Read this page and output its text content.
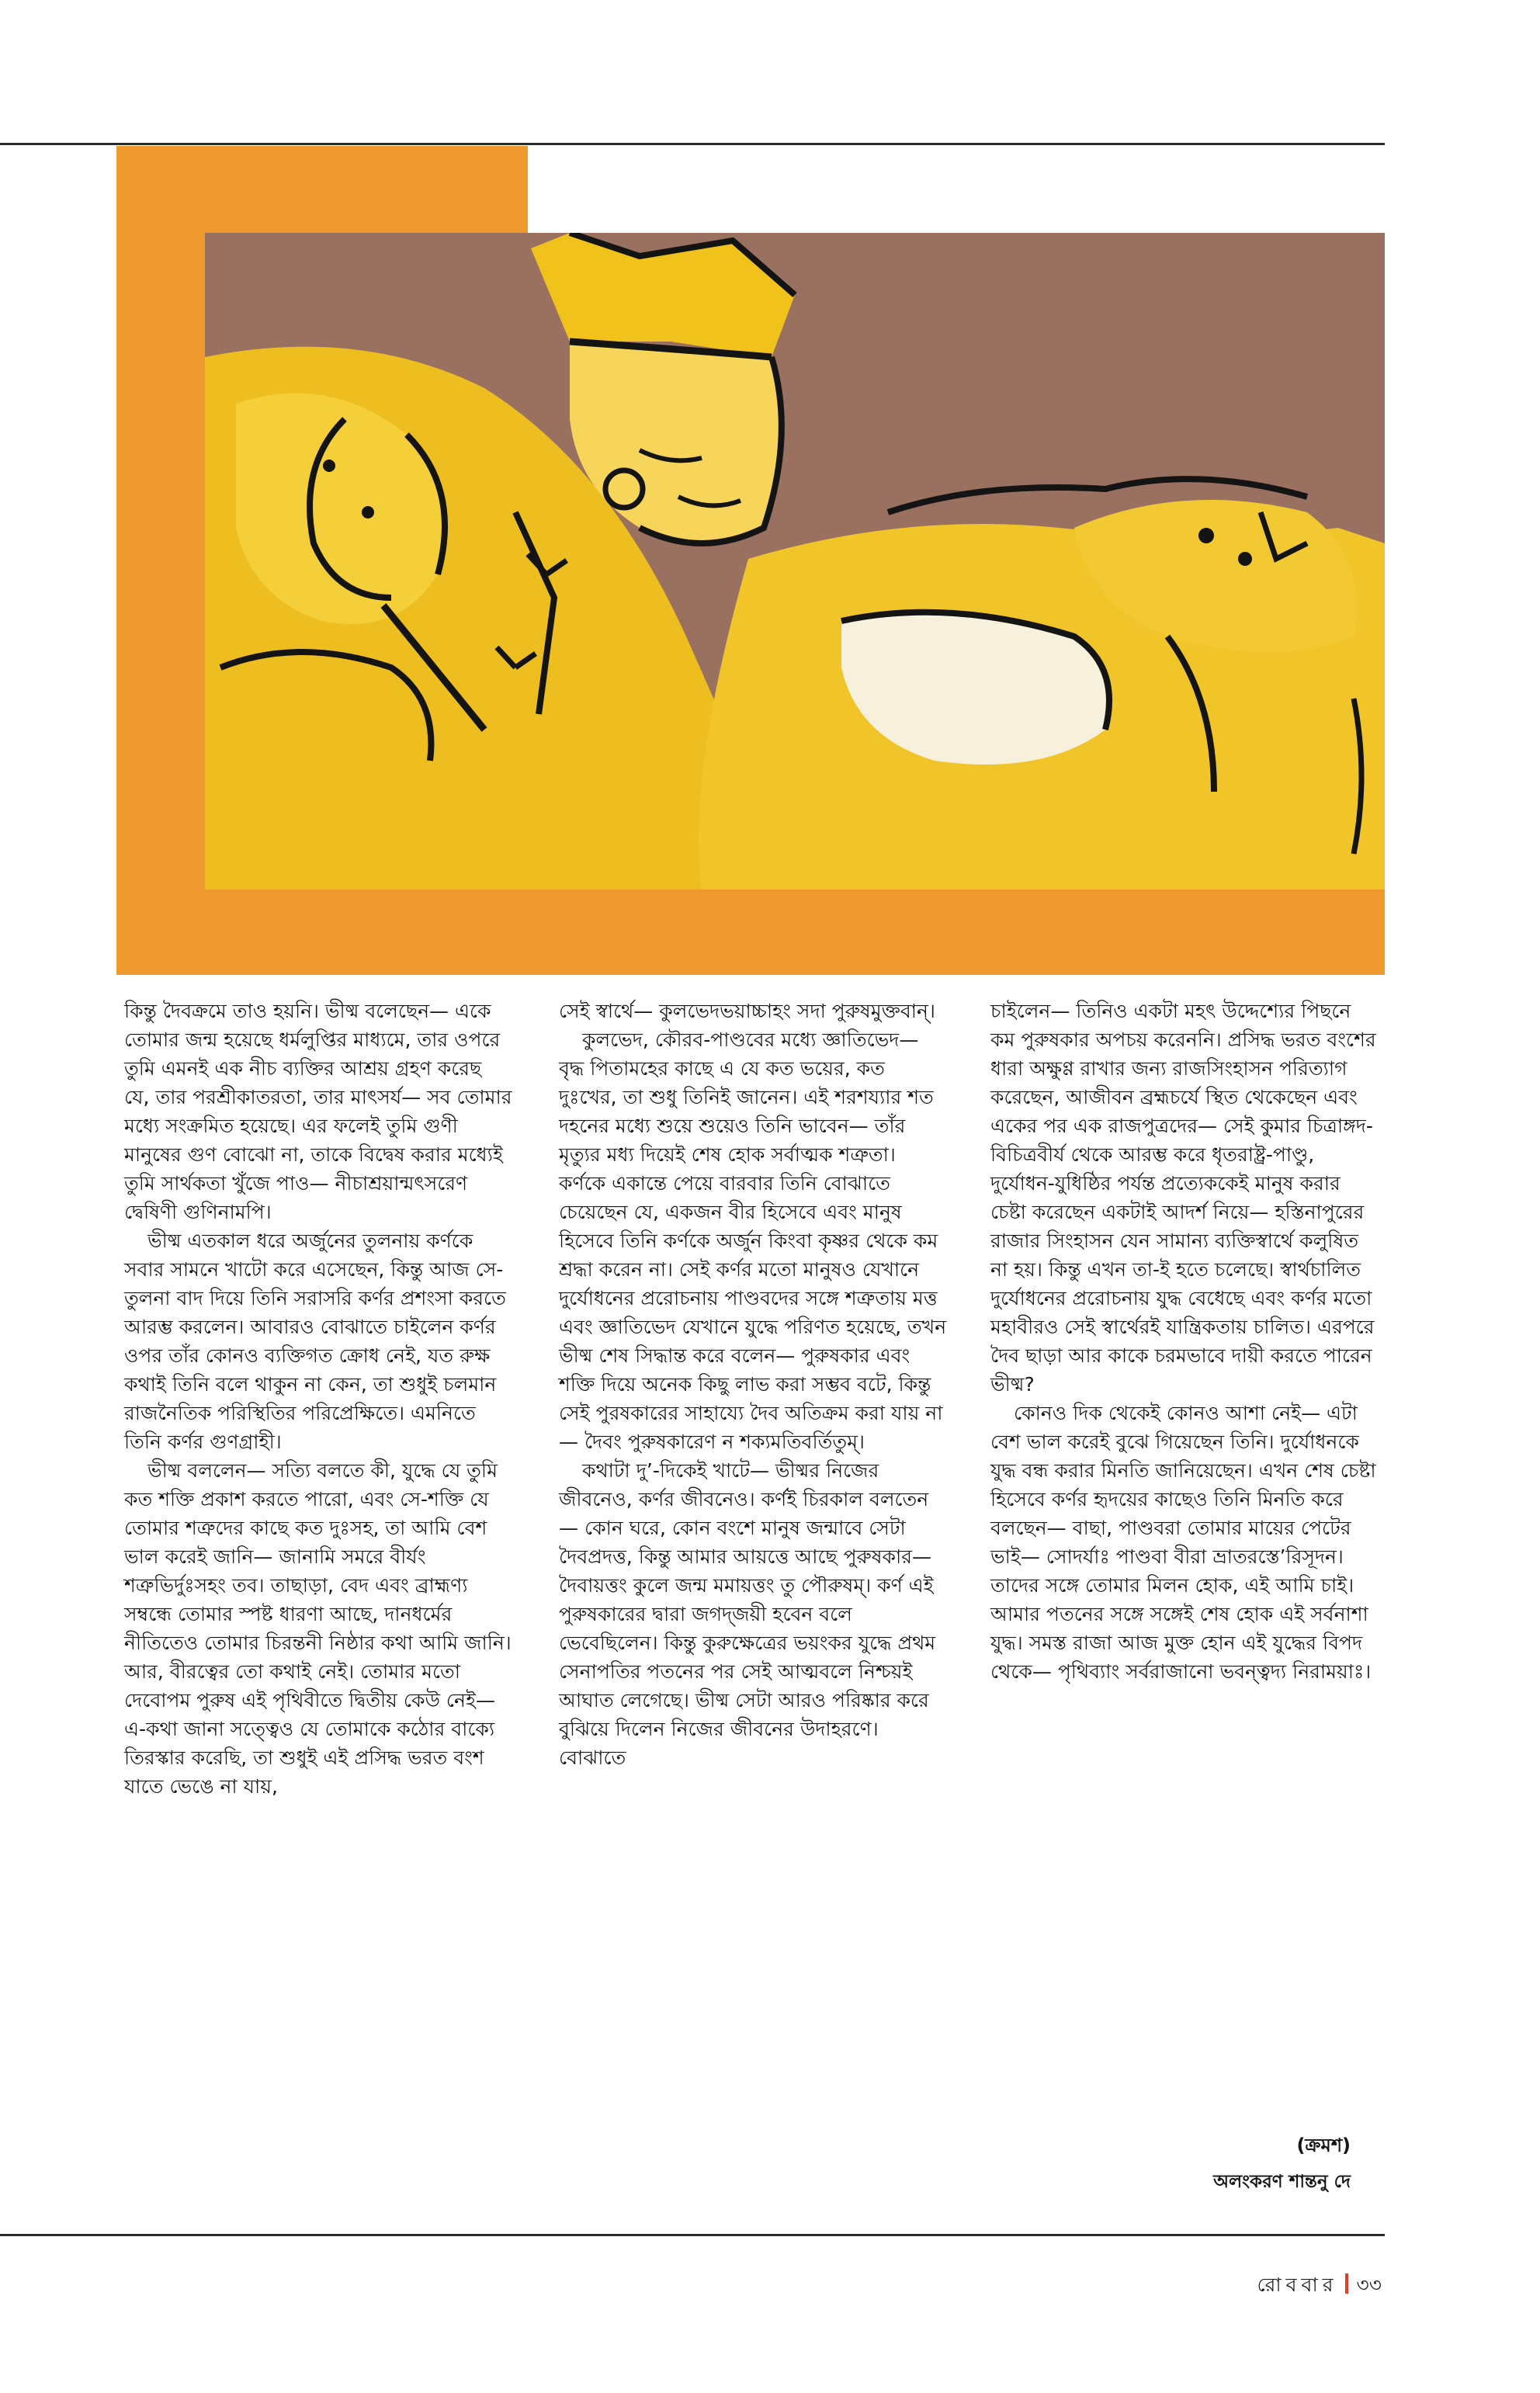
কিন্তু দৈবক্রমে তাও হয়নি। ভীষ্ম বলেছেন— একে তোমার জন্ম হয়েছে ধর্মলুপ্তির মাধ্যমে, তার ওপরে তুমি এমনই এক নীচ ব্যক্তির আশ্রয় গ্রহণ করেছ যে, তার পরশ্রীকাতরতা, তার মাৎসর্য— সব তোমার মধ্যে সংক্রমিত হয়েছে। এর ফলেই তুমি গুণী মানুষের গুণ বোঝো না, তাকে বিদ্বেষ করার মধ্যেই তুমি সার্থকতা খুঁজে পাও— নীচাশ্রয়ান্মৎসরেণ দ্বেষিণী গুণিনামপি।

ভীষ্ম এতকাল ধরে অর্জুনের তুলনায় কর্ণকে সবার সামনে খাটো করে এসেছেন, কিন্তু আজ সে-তুলনা বাদ দিয়ে তিনি সরাসরি কর্ণর প্রশংসা করতে আরম্ভ করলেন। আবারও বোঝাতে চাইলেন কর্ণর ওপর তাঁর কোনও ব্যক্তিগত ক্রোধ নেই, যত রুক্ষ কথাই তিনি বলে থাকুন না কেন, তা শুধুই চলমান রাজনৈতিক পরিস্থিতির পরিপ্রেক্ষিতে। এমনিতে তিনি কর্ণর গুণগ্রাহী।

ভীষ্ম বললেন— সত্যি বলতে কী, যুদ্ধে যে তুমি কত শক্তি প্রকাশ করতে পারো, এবং সে-শক্তি যে তোমার শত্রুদের কাছে কত দুঃসহ, তা আমি বেশ ভাল করেই জানি— জানামি সমরে বীর্যং শত্রুভির্দুঃসহং তব। তাছাড়া, বেদ এবং ব্রাহ্মণ্য সম্বন্ধে তোমার স্পষ্ট ধারণা আছে, দানধর্মের নীতিতেও তোমার চিরন্তনী নিষ্ঠার কথা আমি জানি। আর, বীরত্বের তো কথাই নেই। তোমার মতো দেবোপম পুরুষ এই পৃথিবীতে দ্বিতীয় কেউ নেই— এ-কথা জানা সত্ত্বেও যে তোমাকে কঠোর বাক্যে তিরস্কার করেছি, তা শুধুই এই প্রসিদ্ধ ভরত বংশ যাতে ভেঙে না যায়,

সেই স্বার্থে— কুলভেদভয়াচ্চাহং সদা পুরুষমুক্তবান্।

কুলভেদ, কৌরব-পাণ্ডবের মধ্যে জ্ঞাতিভেদ— বৃদ্ধ পিতামহের কাছে এ যে কত ভয়ের, কত দুঃখের, তা শুধু তিনিই জানেন। এই শরশয্যার শত দহনের মধ্যে শুয়ে শুয়েও তিনি ভাবেন— তাঁর মৃত্যুর মধ্য দিয়েই শেষ হোক সর্বাত্মক শত্রুতা। কর্ণকে একান্তে পেয়ে বারবার তিনি বোঝাতে চেয়েছেন যে, একজন বীর হিসেবে এবং মানুষ হিসেবে তিনি কর্ণকে অর্জুন কিংবা কৃষ্ণর থেকে কম শ্রদ্ধা করেন না। সেই কর্ণর মতো মানুষও যেখানে দুর্যোধনের প্ররোচনায় পাণ্ডবদের সঙ্গে শত্রুতায় মত্ত এবং জ্ঞাতিভেদ যেখানে যুদ্ধে পরিণত হয়েছে, তখন ভীষ্ম শেষ সিদ্ধান্ত করে বলেন— পুরুষকার এবং শক্তি দিয়ে অনেক কিছু লাভ করা সম্ভব বটে, কিন্তু সেই পুরষকারের সাহায্যে দৈব অতিক্রম করা যায় না— দৈবং পুরুষকারেণ ন শক্যমতিবর্তিতুম্।

কথাটা দু’-দিকেই খাটে— ভীষ্মর নিজের জীবনেও, কর্ণর জীবনেও। কর্ণই চিরকাল বলতেন— কোন ঘরে, কোন বংশে মানুষ জন্মাবে সেটা দৈবপ্রদত্ত, কিন্তু আমার আয়ত্তে আছে পুরুষকার— দৈবায়ত্তং কুলে জন্ম মমায়ত্তং তু পৌরুষম্। কর্ণ এই পুরুষকারের দ্বারা জগদ্জয়ী হবেন বলে ভেবেছিলেন। কিন্তু কুরুক্ষেত্রের ভয়ংকর যুদ্ধে প্রথম সেনাপতির পতনের পর সেই আত্মবলে নিশ্চয়ই আঘাত লেগেছে। ভীষ্ম সেটা আরও পরিষ্কার করে বুঝিয়ে দিলেন নিজের জীবনের উদাহরণে। বোঝাতে

চাইলেন— তিনিও একটা মহৎ উদ্দেশ্যের পিছনে কম পুরুষকার অপচয় করেননি। প্রসিদ্ধ ভরত বংশের ধারা অক্ষুণ্ণ রাখার জন্য রাজসিংহাসন পরিত্যাগ করেছেন, আজীবন ব্রহ্মচর্যে স্থিত থেকেছেন এবং একের পর এক রাজপুত্রদের— সেই কুমার চিত্রাঙ্গদ-বিচিত্রবীর্য থেকে আরম্ভ করে ধৃতরাষ্ট্র-পাণ্ডু, দুর্যোধন-যুধিষ্ঠির পর্যন্ত প্রত্যেককেই মানুষ করার চেষ্টা করেছেন একটাই আদর্শ নিয়ে— হস্তিনাপুরের রাজার সিংহাসন যেন সামান্য ব্যক্তিস্বার্থে কলুষিত না হয়। কিন্তু এখন তা-ই হতে চলেছে। স্বার্থচালিত দুর্যোধনের প্ররোচনায় যুদ্ধ বেধেছে এবং কর্ণর মতো মহাবীরও সেই স্বার্থেরই যান্ত্রিকতায় চালিত। এরপরে দৈব ছাড়া আর কাকে চরমভাবে দায়ী করতে পারেন ভীষ্ম?

কোনও দিক থেকেই কোনও আশা নেই— এটা বেশ ভাল করেই বুঝে গিয়েছেন তিনি। দুর্যোধনকে যুদ্ধ বন্ধ করার মিনতি জানিয়েছেন। এখন শেষ চেষ্টা হিসেবে কর্ণর হৃদয়ের কাছেও তিনি মিনতি করে বলছেন— বাছা, পাণ্ডবরা তোমার মায়ের পেটের ভাই— সোদর্যাঃ পাণ্ডবা বীরা ভ্রাতরস্তে’রিসূদন। তাদের সঙ্গে তোমার মিলন হোক, এই আমি চাই। আমার পতনের সঙ্গে সঙ্গেই শেষ হোক এই সর্বনাশা যুদ্ধ। সমস্ত রাজা আজ মুক্ত হোন এই যুদ্ধের বিপদ থেকে— পৃথিব্যাং সর্বরাজানো ভবন্ত্বদ্য নিরাময়াঃ।

(ক্রমশ)
অলংকরণ শান্তনু দে
রোববার ৩৩
